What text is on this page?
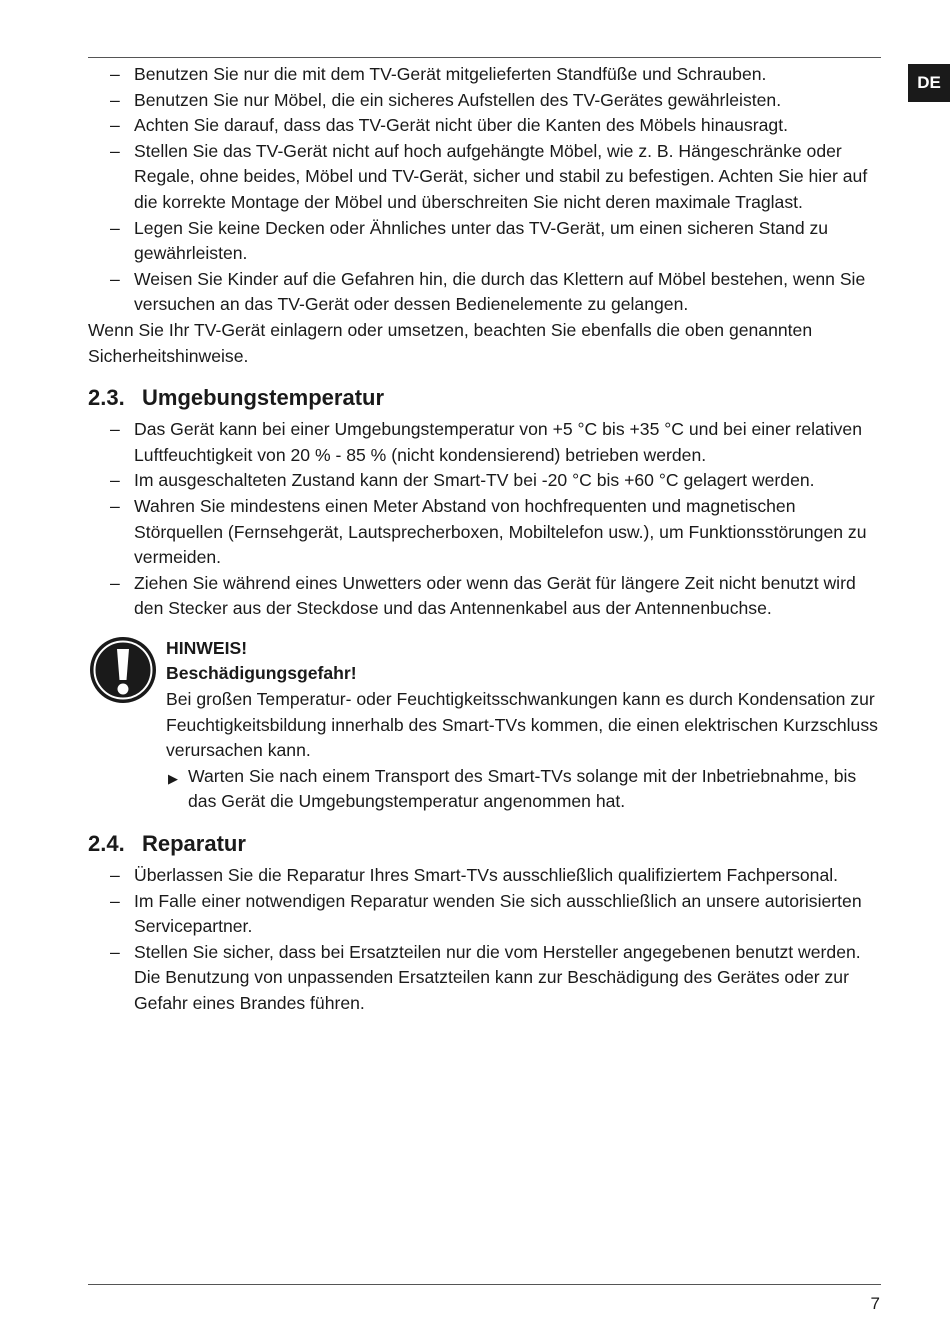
DE
– Benutzen Sie nur die mit dem TV-Gerät mitgelieferten Standfüße und Schrauben.
– Benutzen Sie nur Möbel, die ein sicheres Aufstellen des TV-Gerätes gewährleisten.
– Achten Sie darauf, dass das TV-Gerät nicht über die Kanten des Möbels hinausragt.
– Stellen Sie das TV-Gerät nicht auf hoch aufgehängte Möbel, wie z. B. Hängeschränke oder Regale, ohne beides, Möbel und TV-Gerät, sicher und stabil zu befestigen. Achten Sie hier auf die korrekte Montage der Möbel und überschreiten Sie nicht deren maximale Traglast.
– Legen Sie keine Decken oder Ähnliches unter das TV-Gerät, um einen sicheren Stand zu gewährleisten.
– Weisen Sie Kinder auf die Gefahren hin, die durch das Klettern auf Möbel bestehen, wenn Sie versuchen an das TV-Gerät oder dessen Bedienelemente zu gelangen.

Wenn Sie Ihr TV-Gerät einlagern oder umsetzen, beachten Sie ebenfalls die oben genannten Sicherheitshinweise.

2.3. Umgebungstemperatur
– Das Gerät kann bei einer Umgebungstemperatur von +5 °C bis +35 °C und bei einer relativen Luftfeuchtigkeit von 20 % - 85 % (nicht kondensierend) betrieben werden.
– Im ausgeschalteten Zustand kann der Smart-TV bei -20 °C bis +60 °C gelagert werden.
– Wahren Sie mindestens einen Meter Abstand von hochfrequenten und magnetischen Störquellen (Fernsehgerät, Lautsprecherboxen, Mobiltelefon usw.), um Funktionsstörungen zu vermeiden.
– Ziehen Sie während eines Unwetters oder wenn das Gerät für längere Zeit nicht benutzt wird den Stecker aus der Steckdose und das Antennenkabel aus der Antennenbuchse.
HINWEIS!
Beschädigungsgefahr!
Bei großen Temperatur- oder Feuchtigkeitsschwankungen kann es durch Kondensation zur Feuchtigkeitsbildung innerhalb des Smart-TVs kommen, die einen elektrischen Kurzschluss verursachen kann.
▶ Warten Sie nach einem Transport des Smart-TVs solange mit der Inbetriebnahme, bis das Gerät die Umgebungstemperatur angenommen hat.
2.4. Reparatur
– Überlassen Sie die Reparatur Ihres Smart-TVs ausschließlich qualifiziertem Fachpersonal.
– Im Falle einer notwendigen Reparatur wenden Sie sich ausschließlich an unsere autorisierten Servicepartner.
– Stellen Sie sicher, dass bei Ersatzteilen nur die vom Hersteller angegebenen benutzt werden. Die Benutzung von unpassenden Ersatzteilen kann zur Beschädigung des Gerätes oder zur Gefahr eines Brandes führen.
7
